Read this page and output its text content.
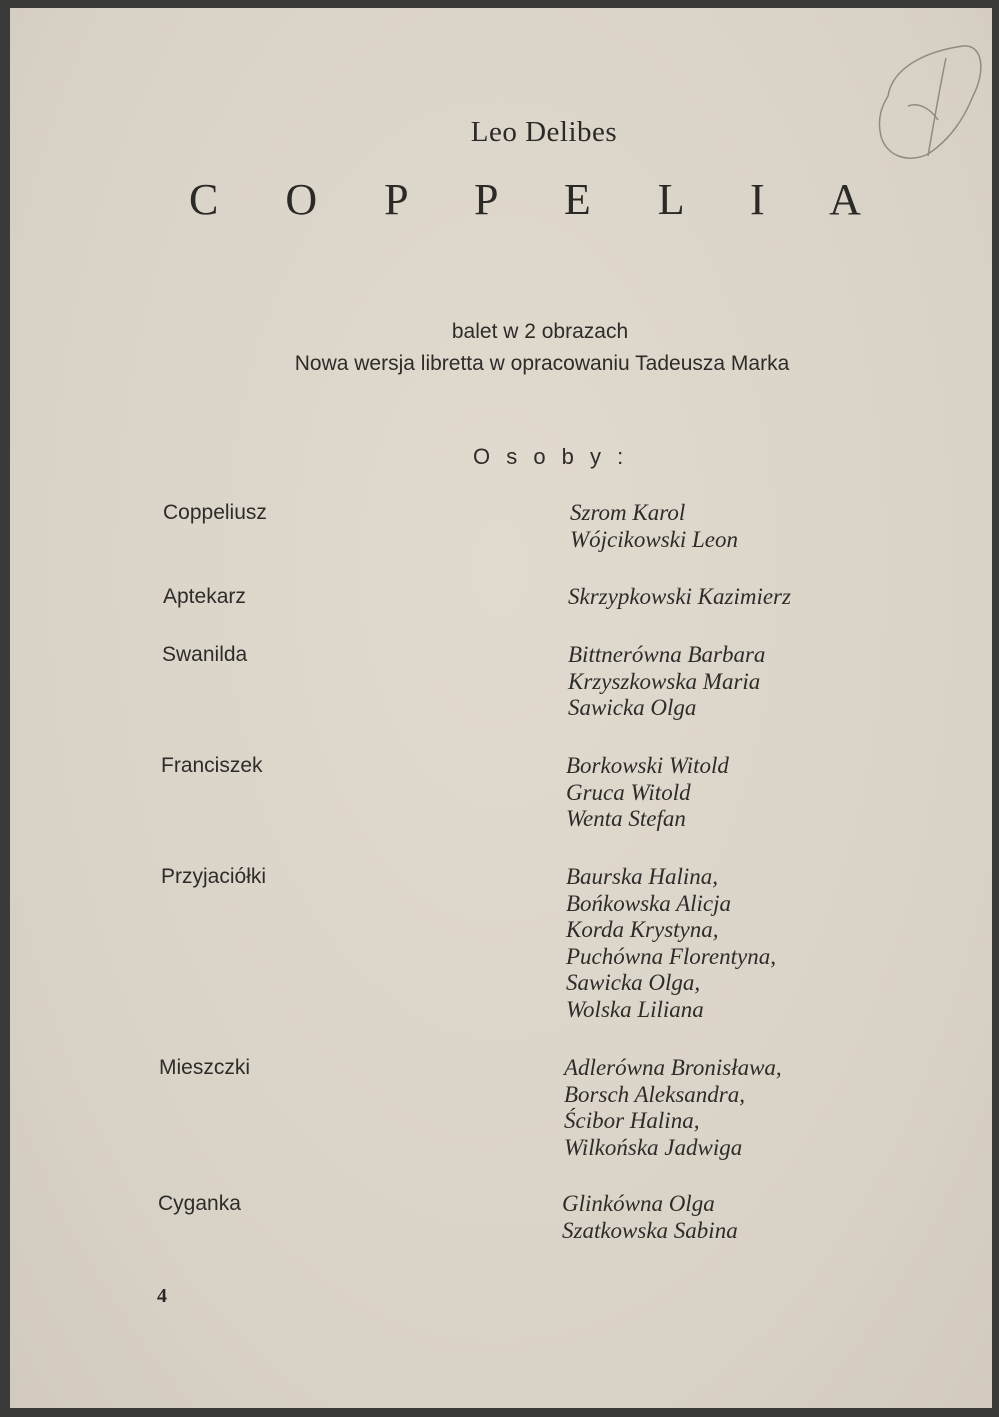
Leo Delibes
C O P P E L I A
balet w 2 obrazach
Nowa wersja libretta w opracowaniu Tadeusza Marka
O s o b y :
Coppeliusz	Szrom Karol
Wójcikowski Leon
Aptekarz	Skrzypkowski Kazimierz
Swanilda	Bittnerówna Barbara
Krzyszkowska Maria
Sawicka Olga
Franciszek	Borkowski Witold
Gruca Witold
Wenta Stefan
Przyjaciółki	Baurska Halina,
Bońkowska Alicja
Korda Krystyna,
Puchówna Florentyna,
Sawicka Olga,
Wolska Liliana
Mieszczki	Adlerówna Bronisława,
Borsch Aleksandra,
Ścibor Halina,
Wilkońska Jadwiga
Cyganka	Glinkówna Olga
Szatkowska Sabina
4
